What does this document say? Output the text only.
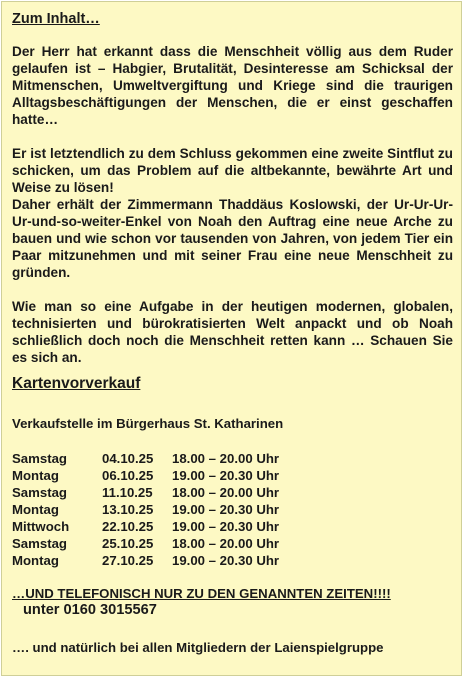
Zum Inhalt…

Der Herr hat erkannt dass die Menschheit völlig aus dem Ruder gelaufen ist – Habgier, Brutalität, Desinteresse am Schicksal der Mitmenschen, Umweltvergiftung und Kriege sind die traurigen Alltagsbeschäftigungen der Menschen, die er einst geschaffen hatte…

Er ist letztendlich zu dem Schluss gekommen eine zweite Sintflut zu schicken, um das Problem auf die altbekannte, bewährte Art und Weise zu lösen!

Daher erhält der Zimmermann Thaddäus Koslowski, der Ur-Ur-Ur-Ur-und-so-weiter-Enkel von Noah den Auftrag eine neue Arche zu bauen und wie schon vor tausenden von Jahren, von jedem Tier ein Paar mitzunehmen und mit seiner Frau eine neue Menschheit zu gründen.

Wie man so eine Aufgabe in der heutigen modernen, globalen, technisierten und bürokratisierten Welt anpackt und ob Noah schließlich doch noch die Menschheit retten kann … Schauen Sie es sich an.

Kartenvorverkauf
Verkaufstelle im Bürgerhaus St. Katharinen
Samstag	04.10.25	18.00 – 20.00 Uhr
Montag	06.10.25	19.00 – 20.30 Uhr
Samstag	11.10.25	18.00 – 20.00 Uhr
Montag	13.10.25	19.00 – 20.30 Uhr
Mittwoch	22.10.25	19.00 – 20.30 Uhr
Samstag	25.10.25	18.00 – 20.00 Uhr
Montag	27.10.25	19.00 – 20.30 Uhr
…UND TELEFONISCH NUR ZU DEN GENANNTEN ZEITEN!!!!
unter 0160 3015567
…. und natürlich bei allen Mitgliedern der Laienspielgruppe
